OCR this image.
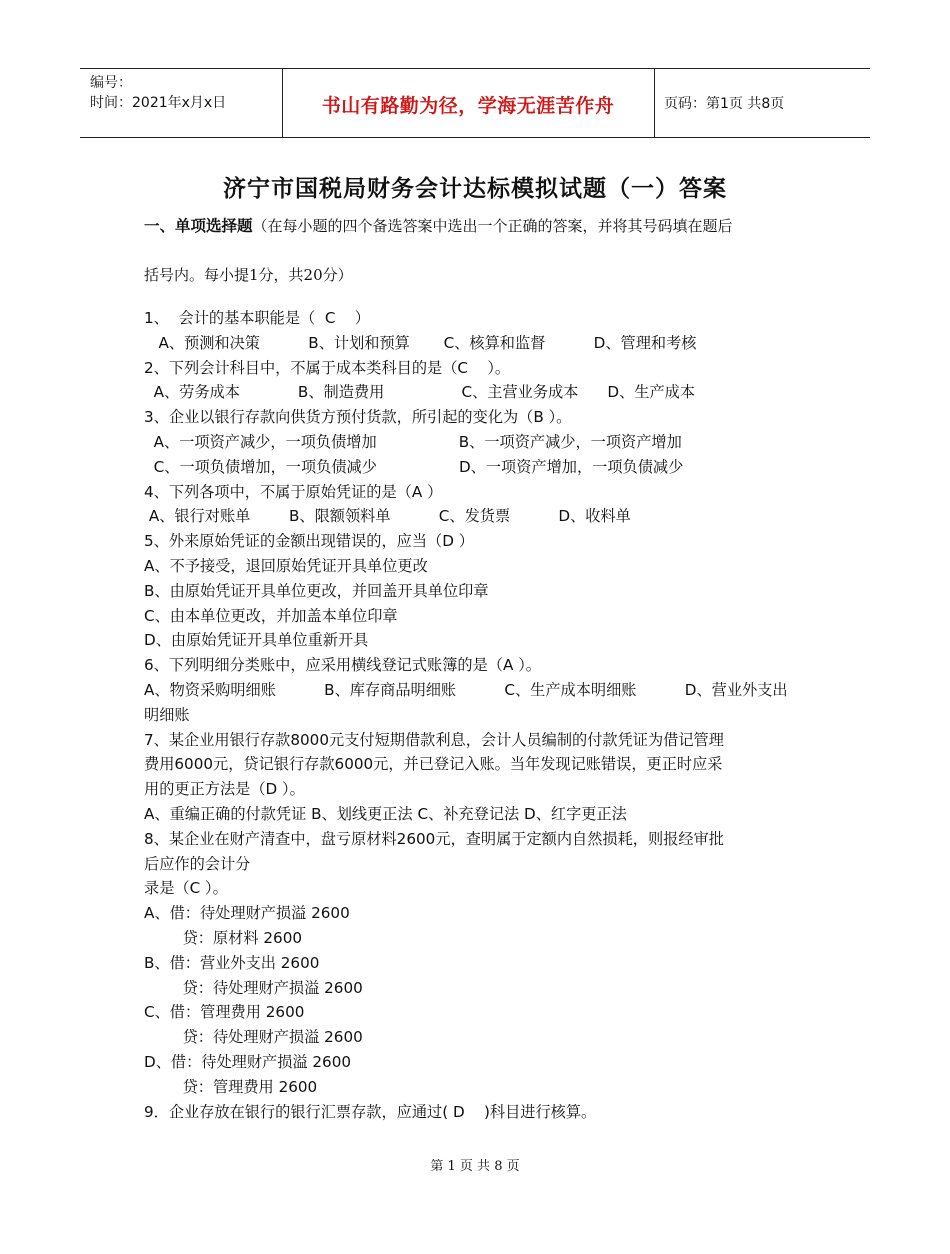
编号：
时间：2021年x月x日	书山有路勤为径，学海无涯苦作舟	页码：第1页 共8页
济宁市国税局财务会计达标模拟试题（一）答案
一、单项选择题（在每小题的四个备选答案中选出一个正确的答案，并将其号码填在题后
括号内。每小提1分，共20分）
1、  会计的基本职能是（  C    ）
A、预测和决策          B、计划和预算       C、核算和监督          D、管理和考核
2、下列会计科目中，不属于成本类科目的是（C    ）。
A、劳务成本            B、制造费用                C、主营业务成本      D、生产成本
3、企业以银行存款向供货方预付货款，所引起的变化为（B ）。
A、一项资产减少，一项负债增加                 B、一项资产减少，一项资产增加
C、一项负债增加，一项负债减少                 D、一项资产增加，一项负债减少
4、下列各项中，不属于原始凭证的是（A ）
A、银行对账单        B、限额领料单          C、发货票          D、收料单
5、外来原始凭证的金额出现错误的，应当（D ）
A、不予接受，退回原始凭证开具单位更改
B、由原始凭证开具单位更改，并回盖开具单位印章
C、由本单位更改，并加盖本单位印章
D、由原始凭证开具单位重新开具
6、下列明细分类账中，应采用横线登记式账簿的是（A ）。
A、物资采购明细账          B、库存商品明细账          C、生产成本明细账          D、营业外支出
明细账
7、某企业用银行存款8000元支付短期借款利息，会计人员编制的付款凭证为借记管理
费用6000元，贷记银行存款6000元，并已登记入账。当年发现记账错误，更正时应采
用的更正方法是（D ）。
A、重编正确的付款凭证 B、划线更正法 C、补充登记法 D、红字更正法
8、某企业在财产清查中，盘亏原材料2600元，查明属于定额内自然损耗，则报经审批
后应作的会计分
录是（C ）。
A、借：待处理财产损溢 2600
贷：原材料 2600
B、借：营业外支出 2600
贷：待处理财产损溢 2600
C、借：管理费用 2600
贷：待处理财产损溢 2600
D、借：待处理财产损溢 2600
贷：管理费用 2600
9．企业存放在银行的银行汇票存款，应通过( D    )科目进行核算。
第 1 页 共 8 页
